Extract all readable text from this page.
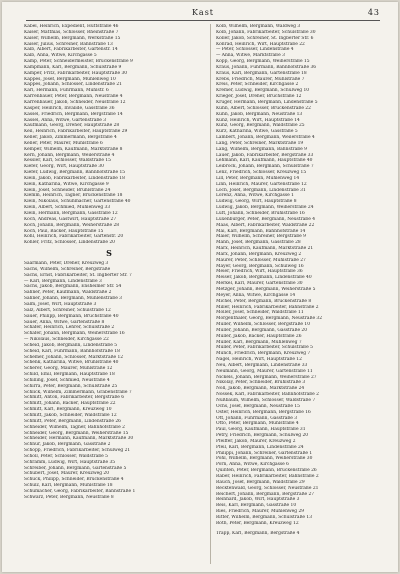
Kast	43
Kabel, Heinrich, Expedient, Huttstraße 46
Kaiser, Matthias, Schlosser, Rheinstraße 7
Kaiser, Wilhelm, Bergmann, Werkstraße 15
Kaiser, Julius, Schreiner, Bahnstraße 13
Kalb, Albert, Fabrikarbeiter, Gartenstr. 14
Kalb, Anna, Witwe, Kirchgasse 5
Kamp, Peter, Schneidermeister, Brückenstraße 9
Kampmann, Karl, Bergmann, Schulstraße 9
Kamper, Fritz, Fabrikarbeiter, Hauptstraße 30
Kappes, Josef, Bergmann, Mühlenweg 10
Kappes, Johann, Schlosser, Lindenstraße 21
Karl, Hermann, Fuhrmann, Mühlstr. 6
Karrenbauer, Peter, Bergmann, Neustraße 4
Karrenbauer, Jakob, Schneider, Neustraße 12
Kasper, Heinrich, Invalide, Gasstraße 36
Kassel, Friedrich, Bergmann, Bergstraße 14
Kassel, Anna, Witwe, Gartenstraße 3
Kaufmann, Georg, Dreher, Hauptstraße 28
Keil, Heinrich, Fabrikarbeiter, Hauptstraße 29
Keller, Jakob, Zimmermann, Bergstraße 4
Keller, Peter, Maurer, Mühlstraße 6
Kemper, Wilhelm, Kaufmann, Marktstraße 8
Kern, Johann, Bergmann, Weilerstraße 4
Kessler, Karl, Schlosser, Waldstraße 15
Kiefer, Georg, Wirt, Hauptstraße 30
Kiefer, Ludwig, Bergmann, Bahnhofstraße 15
Klein, Jakob, Fabrikarbeiter, Lindenstraße 18
Klein, Katharina, Witwe, Kirchgasse 9
Klein, Josef, Schneider, Brühlstraße 24
Klemm, Heinrich, Tagner, Brückenstraße 18
Klein, Nikolaus, Schuhmacher, Gartenstraße 40
Klein, Albert, Schmied, Mühlenweg 33
Klein, Hermann, Bergmann, Gasstraße 12
Koch, Andreas, Gastwirt, Hauptstraße 27
Koch, Johann, Bergmann, Weiherstraße 28
Koch, Paul, Bäcker, Hauptstraße 15
Kohl, Heinrich, Fabrikarbeiter, Gartenstr. 20
Kohler, Fritz, Schlosser, Lindenstraße 20
S
Saarmann, Peter, Dreher, Kreuzweg 3
Sachs, Wilhelm, Schreiner, Bergstraße
Sachs, Ernst, Fabrikarbeiter, St. Ingberter Str. 7
— Karl, Bergmann, Lindenstraße 3
Sachs, Jakob, Bergmann, Ensheimer Str. 54
Sahner, Peter, Kaufmann, Waldstraße 2
Sahner, Johann, Bergmann, Mühlenstraße 3
Salm, Josef, Wirt, Hauptstraße 3
Salz, Albert, Schreiner, Schulstraße 12
Sauer, Philipp, Bergmann, Bruchstraße 40
Sauer, Anna, Witwe, Gartenstraße 8
Schäfer, Heinrich, Lehrer, Schulstraße 2
Schäfer, Johann, Bergmann, Weiherstraße 16
— Nikolaus, Schneider, Kirchgasse 22
Scheid, Jakob, Bergmann, Lindenstraße 5
Scheid, Karl, Fuhrmann, Bahnhofstraße 18
Schemer, Johann, Schlosser, Marktstraße 12
Schenk, Katharina, Witwe, Brühlstraße 40
Scherer, Georg, Maurer, Mühlstraße 12
Schild, Emil, Bergmann, Hauptstraße 18
Schilling, Josef, Schmied, Neustraße 4
Schirra, Peter, Bergmann, Schulstraße 25
Schlick, Wilhelm, Zimmermann, Grabenstraße 7
Schmitt, Anton, Fabrikarbeiter, Bergstraße 6
Schmitt, Johann, Bäcker, Hauptstraße 22
Schmitt, Karl, Bergmann, Kreuzweg 10
Schmitt, Jakob, Schneider, Waldstraße 12
Schmitt, Peter, Bergmann, Lindenstraße 26
Schneider, Wilhelm, Tagner, Bahnhofstraße 2
Schneider, Georg, Bergmann, Weiherstraße 15
Schneider, Hermann, Kaufmann, Marktstraße 30
Schnur, Jakob, Bergmann, Gasstraße 2
Schöpp, Friedrich, Fabrikarbeiter, Schulweg 21
Scholl, Peter, Schlosser, Waldstraße 5
Schramm, Ludwig, Wirt, Hauptstraße 35
Schreiber, Johann, Bergmann, Gartenstraße 5
Schubert, Josef, Maurer, Kreuzweg 20
Schuck, Philipp, Schneider, Brückenstraße 4
Schulz, Karl, Bergmann, Mühlstraße 18
Schumacher, Georg, Fabrikarbeiter, Bahnstraße 1
Schwarz, Peter, Bergmann, Neustraße 8
Kolb, Wilhelm, Bergmann, Waldweg 3
Kolb, Johann, Fabrikarbeiter, Schulstraße 30
Koller, Jakob, Schreiner, St. Ingberter Str. 6
Konrad, Heinrich, Wirt, Hauptstraße 22
— Peter, Schlosser, Lindenstraße 4
— Anna, Witwe, Marktstraße 3
Kopp, Georg, Bergmann, Weiherstraße 15
Kraus, Johann, Fuhrmann, Bahnhofstraße 36
Kraus, Karl, Bergmann, Gartenstraße 18
Krebs, Friedrich, Maurer, Mühlstraße 7
Kreis, Peter, Schneider, Kirchgasse 2
Kremer, Ludwig, Bergmann, Schulweg 10
Krieger, Josef, Dreher, Bruchstraße 12
Krüger, Hermann, Bergmann, Lindenstraße 5
Kühn, Albert, Schlosser, Brückenstraße 22
Kuhn, Jakob, Bergmann, Neustraße 13
Kunz, Heinrich, Wirt, Hauptstraße 14
Kunz, Georg, Bergmann, Waldstraße 25
Kurz, Katharina, Witwe, Gasstraße 5
Lambert, Johann, Bergmann, Weilerstraße 4
Lang, Peter, Schreiner, Marktstraße 19
Lang, Wilhelm, Bergmann, Bahnstraße 9
Lauer, Jakob, Fabrikarbeiter, Bergstraße 33
Lehmann, Karl, Kaufmann, Hauptstraße 40
Leibrock, Johann, Bergmann, Schulstraße 7
Lenz, Friedrich, Schlosser, Kreuzweg 15
Lill, Peter, Bergmann, Mühlenweg 14
Linn, Heinrich, Maurer, Gartenstraße 12
Loch, Josef, Bergmann, Lindenstraße 31
Lorenz, Anna, Witwe, Kirchgasse 1
Ludwig, Georg, Wirt, Hauptstraße 8
Ludwig, Jakob, Bergmann, Weiherstraße 24
Luft, Johann, Schneider, Brühlstraße 16
Luxenburger, Peter, Bergmann, Neustraße 4
Maas, Albert, Fabrikarbeiter, Waldstraße 22
Mai, Karl, Bergmann, Bahnhofstraße 14
Maier, Wilhelm, Schreiner, Bergstraße 9
Mann, Josef, Bergmann, Gasstraße 28
Marx, Heinrich, Kaufmann, Marktstraße 21
Marx, Johann, Bergmann, Kreuzweg 2
Maurer, Peter, Schlosser, Mühlstraße 27
Mayer, Georg, Bergmann, Schulweg 16
Meier, Friedrich, Wirt, Hauptstraße 36
Meiser, Jakob, Bergmann, Lindenstraße 40
Merkel, Karl, Maurer, Gartenstraße 30
Metzger, Johann, Bergmann, Weiherstraße 5
Meyer, Anna, Witwe, Kirchgasse 14
Michel, Peter, Bergmann, Brückenstraße 8
Miller, Heinrich, Fabrikarbeiter, Bahnstraße 2
Möller, Josef, Schneider, Waldstraße 11
Morgenthaler, Georg, Bergmann, Neustraße 32
Müller, Wilhelm, Schlosser, Bergstraße 10
Müller, Johann, Bergmann, Gasstraße 20
Müller, Jakob, Bäcker, Hauptstraße 26
Müller, Karl, Bergmann, Mühlenweg 7
Müller, Peter, Fabrikarbeiter, Schulstraße 5
Münch, Friedrich, Bergmann, Kreuzweg 7
Nagel, Heinrich, Wirt, Hauptstraße 12
Neu, Albert, Bergmann, Lindenstraße 33
Neumann, Georg, Maurer, Gartenstraße 11
Nickels, Johann, Bergmann, Weiherstraße 27
Nikolay, Peter, Schneider, Brühlstraße 3
Noll, Jakob, Bergmann, Marktstraße 24
Nossek, Karl, Fabrikarbeiter, Bahnhofstraße 2
Nußbaum, Wilhelm, Schlosser, Waldstraße 7
Ochs, Josef, Bergmann, Neustraße 15
Oster, Heinrich, Bergmann, Bergstraße 16
Ott, Johann, Fuhrmann, Gasstraße 3
Otto, Peter, Bergmann, Mühlstraße 4
Paul, Georg, Kaufmann, Hauptstraße 31
Petry, Friedrich, Bergmann, Schulweg 20
Pfeiffer, Jakob, Maurer, Kreuzweg 2
Pfeil, Karl, Bergmann, Lindenstraße 24
Philippi, Johann, Schreiner, Gartenstraße 1
Pohl, Wilhelm, Bergmann, Weiherstraße 30
Porn, Anna, Witwe, Kirchgasse 6
Quinten, Peter, Bergmann, Brückenstraße 26
Raber, Heinrich, Fabrikarbeiter, Bahnstraße 2
Rauch, Josef, Bergmann, Waldstraße 29
Recktenwald, Georg, Schlosser, Neustraße 21
Reichert, Johann, Bergmann, Bergstraße 27
Reinhard, Jakob, Wirt, Hauptstraße 3
Reis, Karl, Bergmann, Gasstraße 10
Ries, Friedrich, Maurer, Mühlenweg 29
Ritter, Wilhelm, Bergmann, Schulstraße 13
Roth, Peter, Bergmann, Kreuzweg 12
Trapp, Karl, Bergmann, Bergstraße 4
